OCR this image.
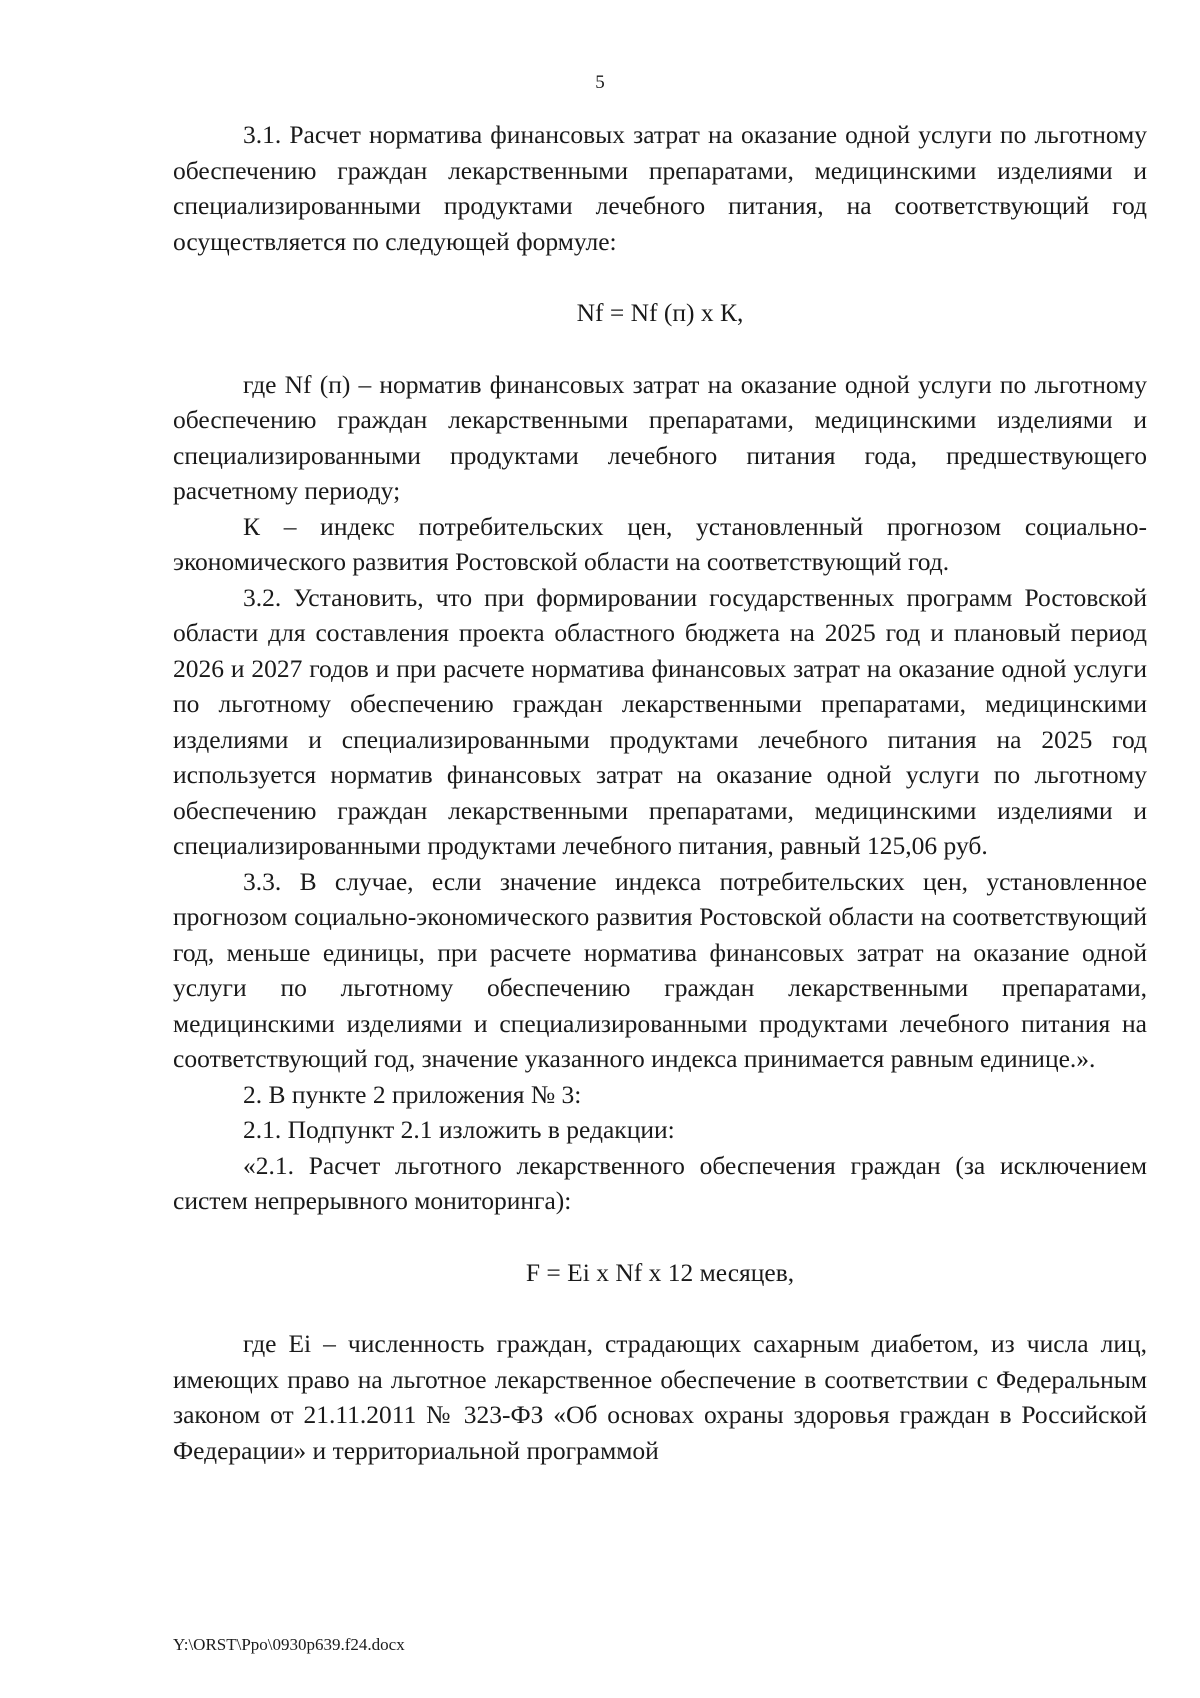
5

3.1. Расчет норматива финансовых затрат на оказание одной услуги по льготному обеспечению граждан лекарственными препаратами, медицинскими изделиями и специализированными продуктами лечебного питания, на соответствующий год осуществляется по следующей формуле:

Nf = Nf (п) х К,

где Nf (п) – норматив финансовых затрат на оказание одной услуги по льготному обеспечению граждан лекарственными препаратами, медицинскими изделиями и специализированными продуктами лечебного питания года, предшествующего расчетному периоду;

К – индекс потребительских цен, установленный прогнозом социально-экономического развития Ростовской области на соответствующий год.

3.2. Установить, что при формировании государственных программ Ростовской области для составления проекта областного бюджета на 2025 год и плановый период 2026 и 2027 годов и при расчете норматива финансовых затрат на оказание одной услуги по льготному обеспечению граждан лекарственными препаратами, медицинскими изделиями и специализированными продуктами лечебного питания на 2025 год используется норматив финансовых затрат на оказание одной услуги по льготному обеспечению граждан лекарственными препаратами, медицинскими изделиями и специализированными продуктами лечебного питания, равный 125,06 руб.

3.3. В случае, если значение индекса потребительских цен, установленное прогнозом социально-экономического развития Ростовской области на соответствующий год, меньше единицы, при расчете норматива финансовых затрат на оказание одной услуги по льготному обеспечению граждан лекарственными препаратами, медицинскими изделиями и специализированными продуктами лечебного питания на соответствующий год, значение указанного индекса принимается равным единице.».

2. В пункте 2 приложения № 3:

2.1. Подпункт 2.1 изложить в редакции:

«2.1. Расчет льготного лекарственного обеспечения граждан (за исключением систем непрерывного мониторинга):

F = Ei х Nf х 12 месяцев,

где Ei – численность граждан, страдающих сахарным диабетом, из числа лиц, имеющих право на льготное лекарственное обеспечение в соответствии с Федеральным законом от 21.11.2011 № 323-ФЗ «Об основах охраны здоровья граждан в Российской Федерации» и территориальной программой

Y:\ORST\Ppo\0930p639.f24.docx
